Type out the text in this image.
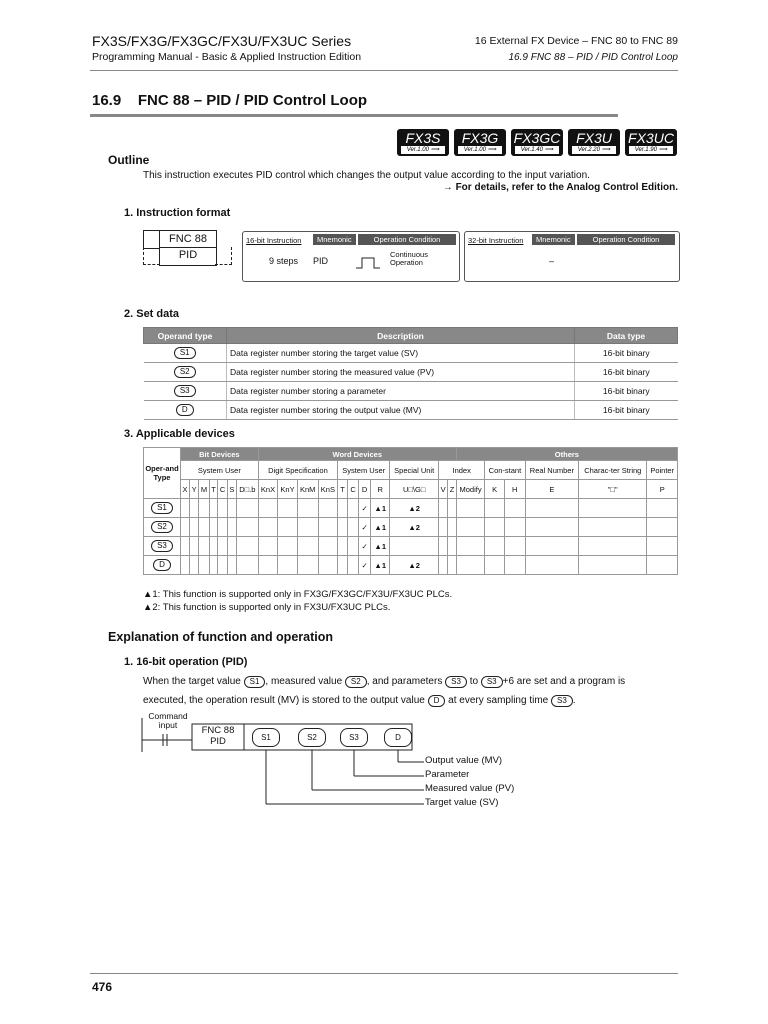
FX3S/FX3G/FX3GC/FX3U/FX3UC Series
Programming Manual - Basic & Applied Instruction Edition
16 External FX Device – FNC 80 to FNC 89
16.9 FNC 88 – PID / PID Control Loop
16.9    FNC 88 – PID / PID Control Loop
FX3S
Ver.1.00 ⟹
FX3G
Ver.1.00 ⟹
FX3GC
Ver.1.40 ⟹
FX3U
Ver.2.20 ⟹
FX3UC
Ver.1.90 ⟹
Outline
This instruction executes PID control which changes the output value according to the input variation.
→ For details, refer to the Analog Control Edition.
1. Instruction format
FNC 88
PID
16-bit Instruction	Mnemonic	Operation Condition
9 steps PID
Continuous Operation
32-bit Instruction	Mnemonic	Operation Condition
–
2. Set data
Operand type	Description	Data type
S1	Data register number storing the target value (SV)	16-bit binary
S2	Data register number storing the measured value (PV)	16-bit binary
S3	Data register number storing a parameter	16-bit binary
D	Data register number storing the output value (MV)	16-bit binary
3. Applicable devices
Oper-and Type	Bit Devices							Word Devices											Others					
	System User							Digit Specification				System User				Special Unit	Index			Con-stant		Real Number	Charac-ter String	Pointer
	X	Y	M	T	C	S	D□.b	KnX	KnY	KnM	KnS	T	C	D	R	U□\G□	V	Z	Modify	K	H	E	"□"	P
S1														✓	▲1	▲2								
S2														✓	▲1	▲2								
S3														✓	▲1									
D														✓	▲1	▲2								
▲1: This function is supported only in FX3G/FX3GC/FX3U/FX3UC PLCs.
▲2: This function is supported only in FX3U/FX3UC PLCs.
Explanation of function and operation
1. 16-bit operation (PID)
When the target value S1 , measured value S2 , and parameters S3 to S3 +6 are set and a program is
executed, the operation result (MV) is stored to the output value D at every sampling time S3 .
Command input	FNC 88
PID	S1	S2	S3	D
Output value (MV)
Parameter
Measured value (PV)
Target value (SV)
476
